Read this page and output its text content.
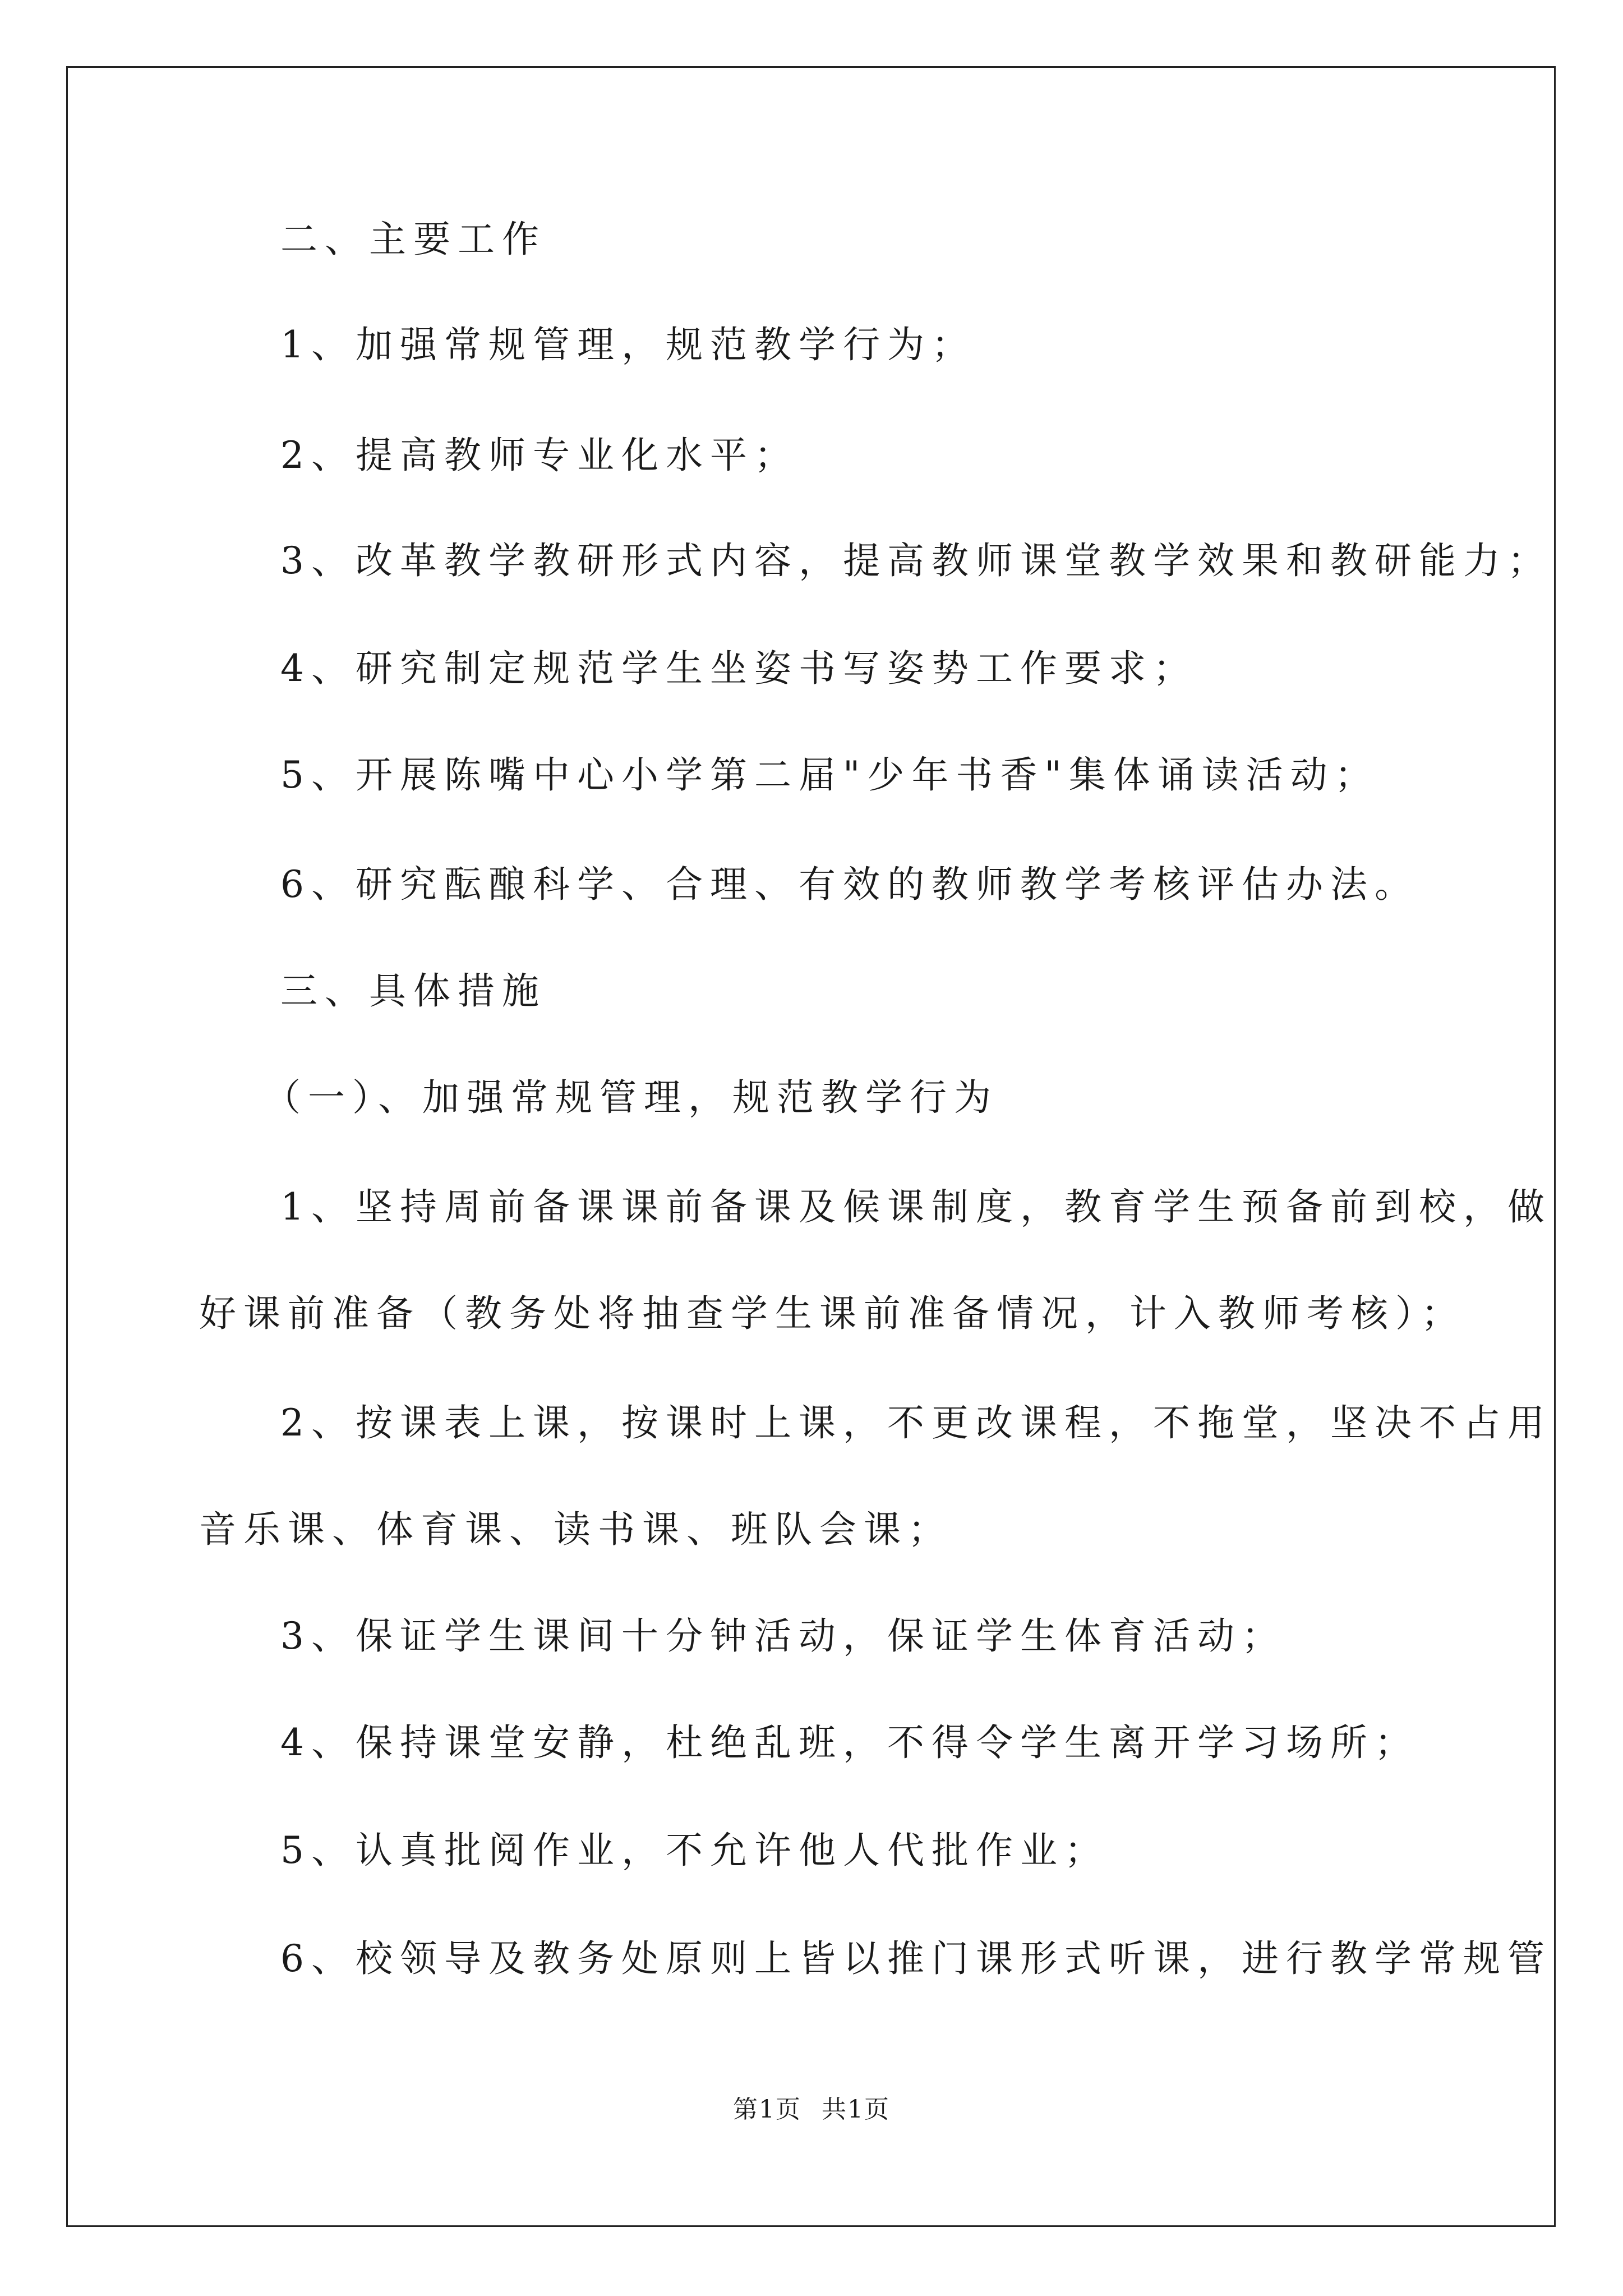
二、主要工作

1、加强常规管理，规范教学行为；

2、提高教师专业化水平；

3、改革教学教研形式内容，提高教师课堂教学效果和教研能力；

4、研究制定规范学生坐姿书写姿势工作要求；

5、开展陈嘴中心小学第二届"少年书香"集体诵读活动；

6、研究酝酿科学、合理、有效的教师教学考核评估办法。

三、具体措施

（一）、加强常规管理，规范教学行为

1、坚持周前备课课前备课及候课制度，教育学生预备前到校，做

好课前准备（教务处将抽查学生课前准备情况，计入教师考核）；

2、按课表上课，按课时上课，不更改课程，不拖堂，坚决不占用

音乐课、体育课、读书课、班队会课；

3、保证学生课间十分钟活动，保证学生体育活动；

4、保持课堂安静，杜绝乱班，不得令学生离开学习场所；

5、认真批阅作业，不允许他人代批作业；

6、校领导及教务处原则上皆以推门课形式听课，进行教学常规管

第1页 共1页
